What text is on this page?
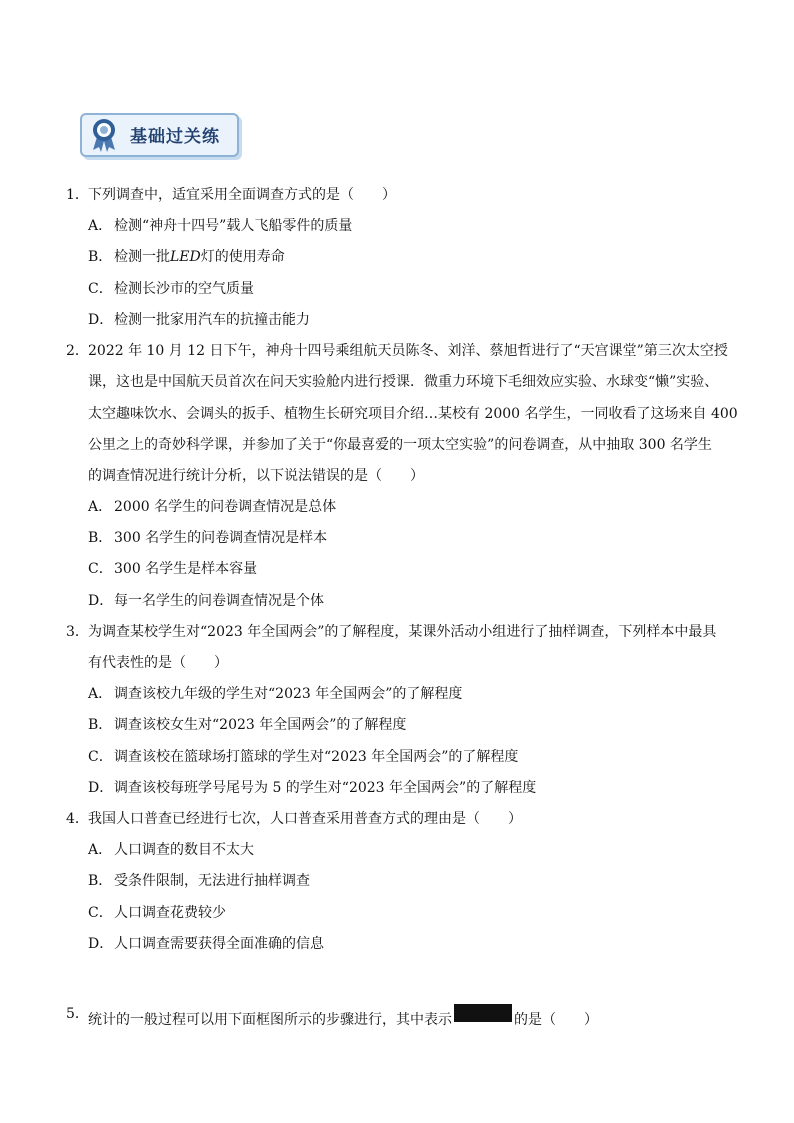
基础过关练
1． 下列调查中，适宜采用全面调查方式的是（　　）
A． 检测“神舟十四号”载人飞船零件的质量
B． 检测一批LED灯的使用寿命
C．检测长沙市的空气质量
D．检测一批家用汽车的抗撞击能力
2． 2022 年 10 月 12 日下午，神舟十四号乘组航天员陈冬、刘洋、蔡旭哲进行了“天宫课堂”第三次太空授
课，这也是中国航天员首次在问天实验舱内进行授课．微重力环境下毛细效应实验、水球变“懒”实验、
太空趣味饮水、会调头的扳手、植物生长研究项目介绍…某校有 2000 名学生，一同收看了这场来自 400
公里之上的奇妙科学课，并参加了关于“你最喜爱的一项太空实验”的问卷调查，从中抽取 300 名学生
的调查情况进行统计分析，以下说法错误的是（　　）
A． 2000 名学生的问卷调查情况是总体
B． 300 名学生的问卷调查情况是样本
C．300 名学生是样本容量
D．每一名学生的问卷调查情况是个体
3． 为调查某校学生对“2023 年全国两会”的了解程度，某课外活动小组进行了抽样调查，下列样本中最具
有代表性的是（　　）
A． 调查该校九年级的学生对“2023 年全国两会”的了解程度
B． 调查该校女生对“2023 年全国两会”的了解程度
C．调查该校在篮球场打篮球的学生对“2023 年全国两会”的了解程度
D．调查该校每班学号尾号为 5 的学生对“2023 年全国两会”的了解程度
4． 我国人口普查已经进行七次，人口普查采用普查方式的理由是（　　）
A． 人口调查的数目不太大
B． 受条件限制，无法进行抽样调查
C．人口调查花费较少
D．人口调查需要获得全面准确的信息
5． 统计的一般过程可以用下面框图所示的步骤进行，其中表示	的是（　　）
